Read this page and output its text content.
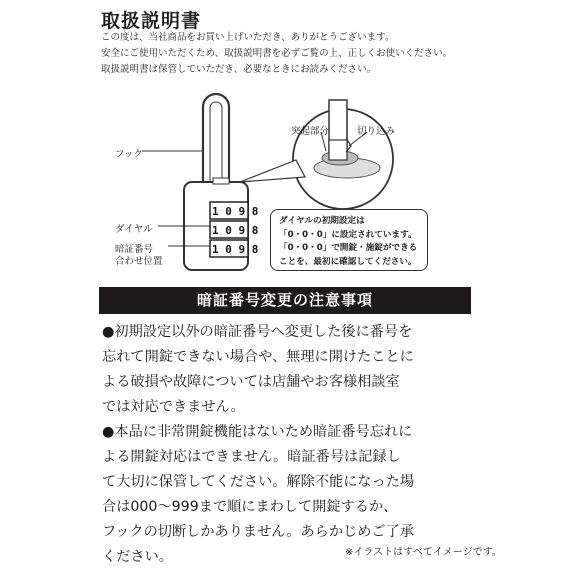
取扱説明書
この度は、当社商品をお買い上げいただき、ありがとうございます。
安全にご使用いただくため、取扱説明書を必ずご覧の上、正しくお使いください。
取扱説明書は保管していただき、必要なときにお読みください。
1 0 9 8
1 0 9 8
1 0 9 8
フック
ダイヤル
暗証番号
合わせ位置
突起部分	切り込み
ダイヤルの初期設定は
「0・0・0」に設定されています。
「0・0・0」で開錠・施錠ができる
ことを、最初に確認してください。
暗証番号変更の注意事項
●初期設定以外の暗証番号へ変更した後に番号を
忘れて開錠できない場合や、無理に開けたことに
よる破損や故障については店舗やお客様相談室
では対応できません。
●本品に非常開錠機能はないため暗証番号忘れに
よる開錠対応はできません。暗証番号は記録し
て大切に保管してください。解除不能になった場
合は000〜999まで順にまわして開錠するか、
フックの切断しかありません。あらかじめご了承
ください。	※イラストはすべてイメージです。
